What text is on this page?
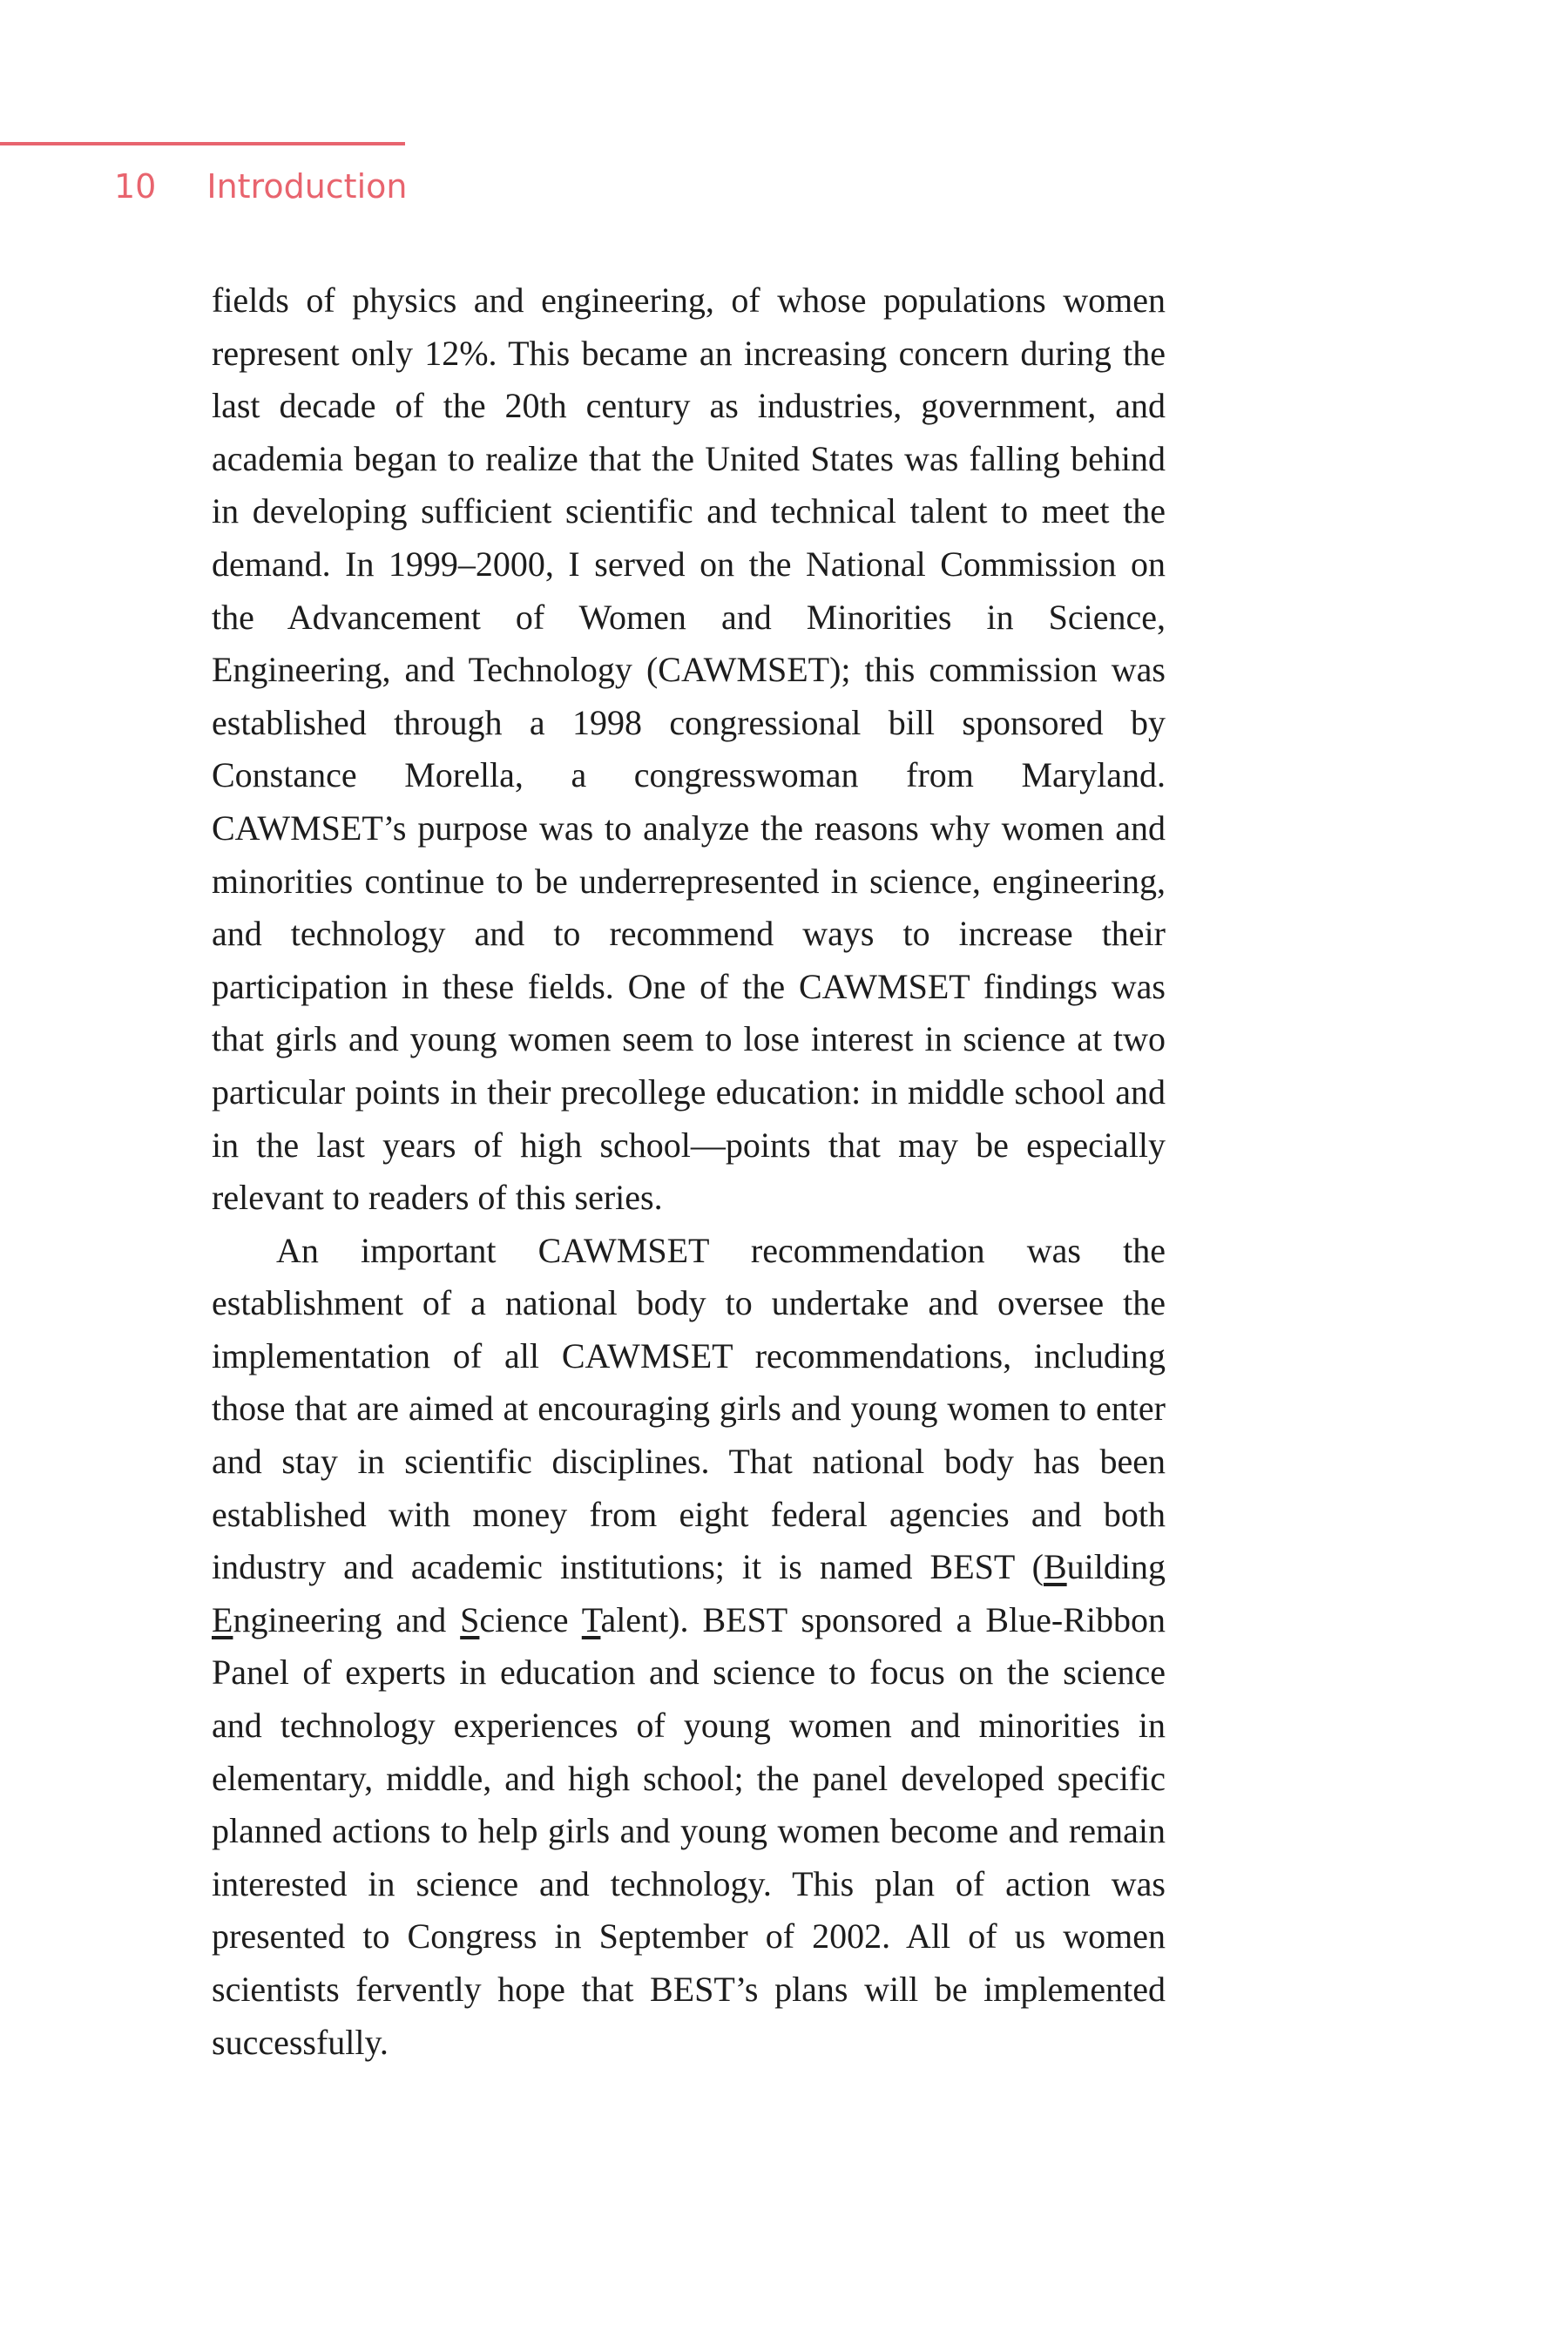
10 Introduction

fields of physics and engineering, of whose populations women represent only 12%. This became an increasing concern during the last decade of the 20th century as industries, government, and academia began to realize that the United States was falling behind in developing sufficient scientific and technical talent to meet the demand. In 1999–2000, I served on the National Commission on the Advancement of Women and Minorities in Science, Engineering, and Technology (CAWMSET); this commission was established through a 1998 congressional bill sponsored by Constance Morella, a congresswoman from Maryland. CAWMSET’s purpose was to analyze the reasons why women and minorities continue to be underrepresented in science, engineering, and technology and to recommend ways to increase their participation in these fields. One of the CAWMSET findings was that girls and young women seem to lose interest in science at two particular points in their precollege education: in middle school and in the last years of high school—points that may be especially relevant to readers of this series.

An important CAWMSET recommendation was the establishment of a national body to undertake and oversee the implementation of all CAWMSET recommendations, including those that are aimed at encouraging girls and young women to enter and stay in scientific disciplines. That national body has been established with money from eight federal agencies and both industry and academic institutions; it is named BEST (Building Engineering and Science Talent). BEST sponsored a Blue-Ribbon Panel of experts in education and science to focus on the science and technology experiences of young women and minorities in elementary, middle, and high school; the panel developed specific planned actions to help girls and young women become and remain interested in science and technology. This plan of action was presented to Congress in September of 2002. All of us women scientists fervently hope that BEST’s plans will be implemented successfully.
